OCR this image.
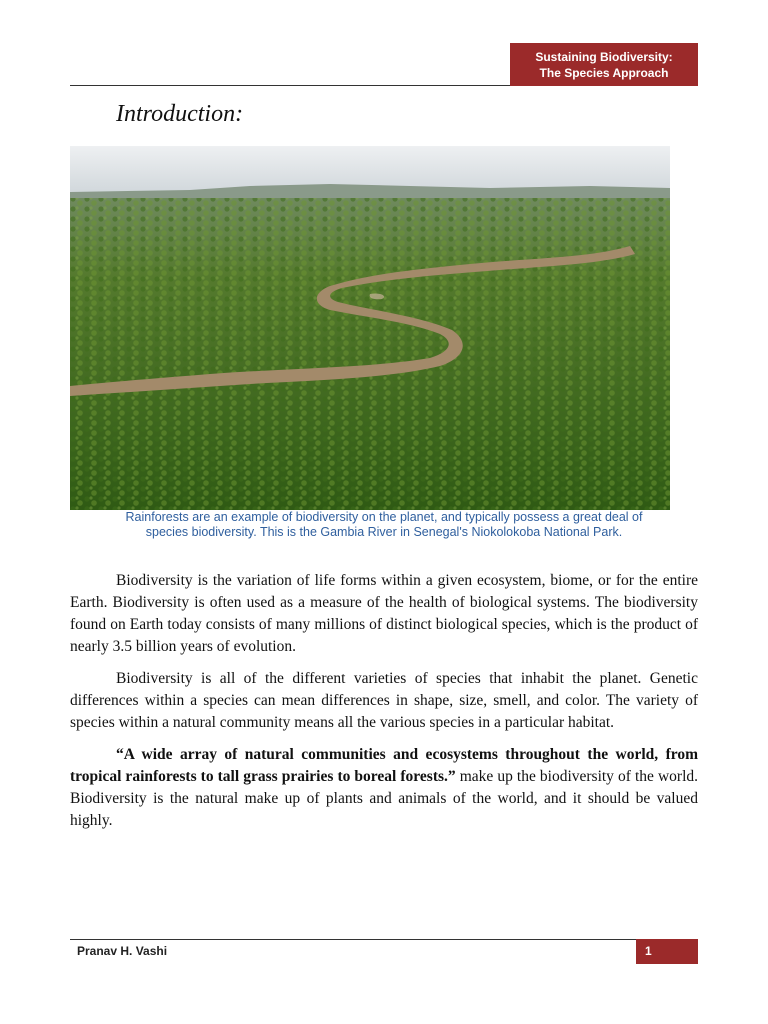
Sustaining Biodiversity:
The Species Approach
Introduction:
Rainforests are an example of biodiversity on the planet, and typically possess a great deal of
species biodiversity. This is the Gambia River in Senegal's Niokolokoba National Park.

Biodiversity is the variation of life forms within a given ecosystem, biome, or for the entire Earth. Biodiversity is often used as a measure of the health of biological systems. The biodiversity found on Earth today consists of many millions of distinct biological species, which is the product of nearly 3.5 billion years of evolution.

Biodiversity is all of the different varieties of species that inhabit the planet. Genetic differences within a species can mean differences in shape, size, smell, and color. The variety of species within a natural community means all the various species in a particular habitat.

“A wide array of natural communities and ecosystems throughout the world, from tropical rainforests to tall grass prairies to boreal forests.” make up the biodiversity of the world. Biodiversity is the natural make up of plants and animals of the world, and it should be valued highly.

Pranav H. Vashi	1
